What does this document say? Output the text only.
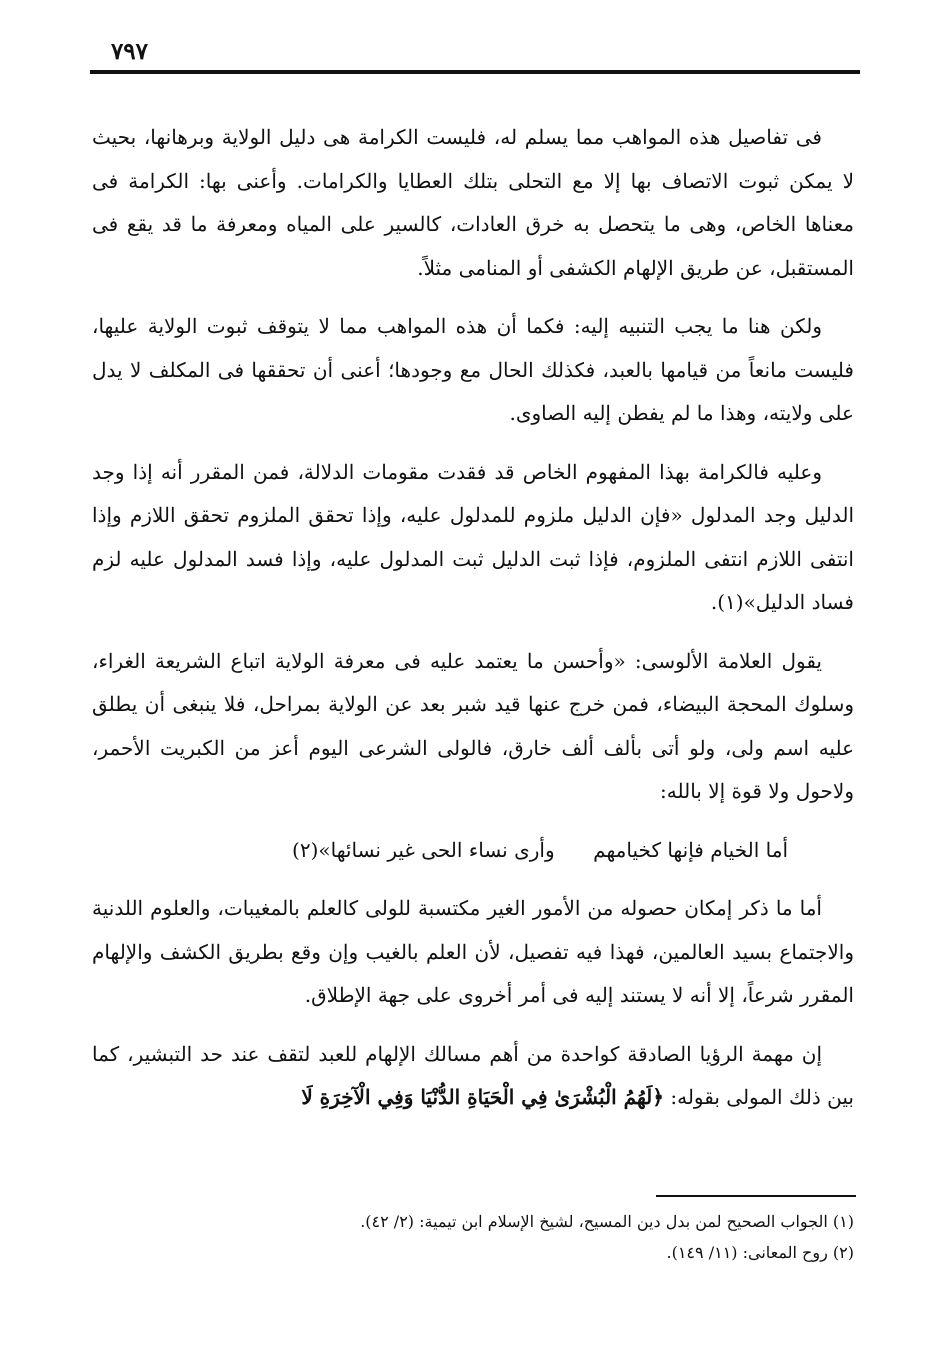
٧٩٧

فى تفاصيل هذه المواهب مما يسلم له، فليست الكرامة هى دليل الولاية وبرهانها، بحيث لا يمكن ثبوت الاتصاف بها إلا مع التحلى بتلك العطايا والكرامات. وأعنى بها: الكرامة فى معناها الخاص، وهى ما يتحصل به خرق العادات، كالسير على المياه ومعرفة ما قد يقع فى المستقبل، عن طريق الإلهام الكشفى أو المنامى مثلاً.

ولكن هنا ما يجب التنبيه إليه: فكما أن هذه المواهب مما لا يتوقف ثبوت الولاية عليها، فليست مانعاً من قيامها بالعبد، فكذلك الحال مع وجودها؛ أعنى أن تحققها فى المكلف لا يدل على ولايته، وهذا ما لم يفطن إليه الصاوى.

وعليه فالكرامة بهذا المفهوم الخاص قد فقدت مقومات الدلالة، فمن المقرر أنه إذا وجد الدليل وجد المدلول «فإن الدليل ملزوم للمدلول عليه، وإذا تحقق الملزوم تحقق اللازم وإذا انتفى اللازم انتفى الملزوم، فإذا ثبت الدليل ثبت المدلول عليه، وإذا فسد المدلول عليه لزم فساد الدليل»(١).

يقول العلامة الألوسى: «وأحسن ما يعتمد عليه فى معرفة الولاية اتباع الشريعة الغراء، وسلوك المحجة البيضاء، فمن خرج عنها قيد شبر بعد عن الولاية بمراحل، فلا ينبغى أن يطلق عليه اسم ولى، ولو أتى بألف ألف خارق، فالولى الشرعى اليوم أعز من الكبريت الأحمر، ولاحول ولا قوة إلا بالله:

أما الخيام فإنها كخيامهم
وأرى نساء الحى غير نسائها»(٢)

أما ما ذكر إمكان حصوله من الأمور الغير مكتسبة للولى كالعلم بالمغيبات، والعلوم اللدنية والاجتماع بسيد العالمين، فهذا فيه تفصيل، لأن العلم بالغيب وإن وقع بطريق الكشف والإلهام المقرر شرعاً، إلا أنه لا يستند إليه فى أمر أخروى على جهة الإطلاق.

إن مهمة الرؤيا الصادقة كواحدة من أهم مسالك الإلهام للعبد لتقف عند حد التبشير، كما بين ذلك المولى بقوله: ﴿لَهُمُ الْبُشْرَىٰ فِي الْحَيَاةِ الدُّنْيَا وَفِي الْآخِرَةِ لَا

(١) الجواب الصحيح لمن بدل دين المسيح، لشيخ الإسلام ابن تيمية: (٢/ ٤٢).

(٢) روح المعانى: (١١/ ١٤٩).
